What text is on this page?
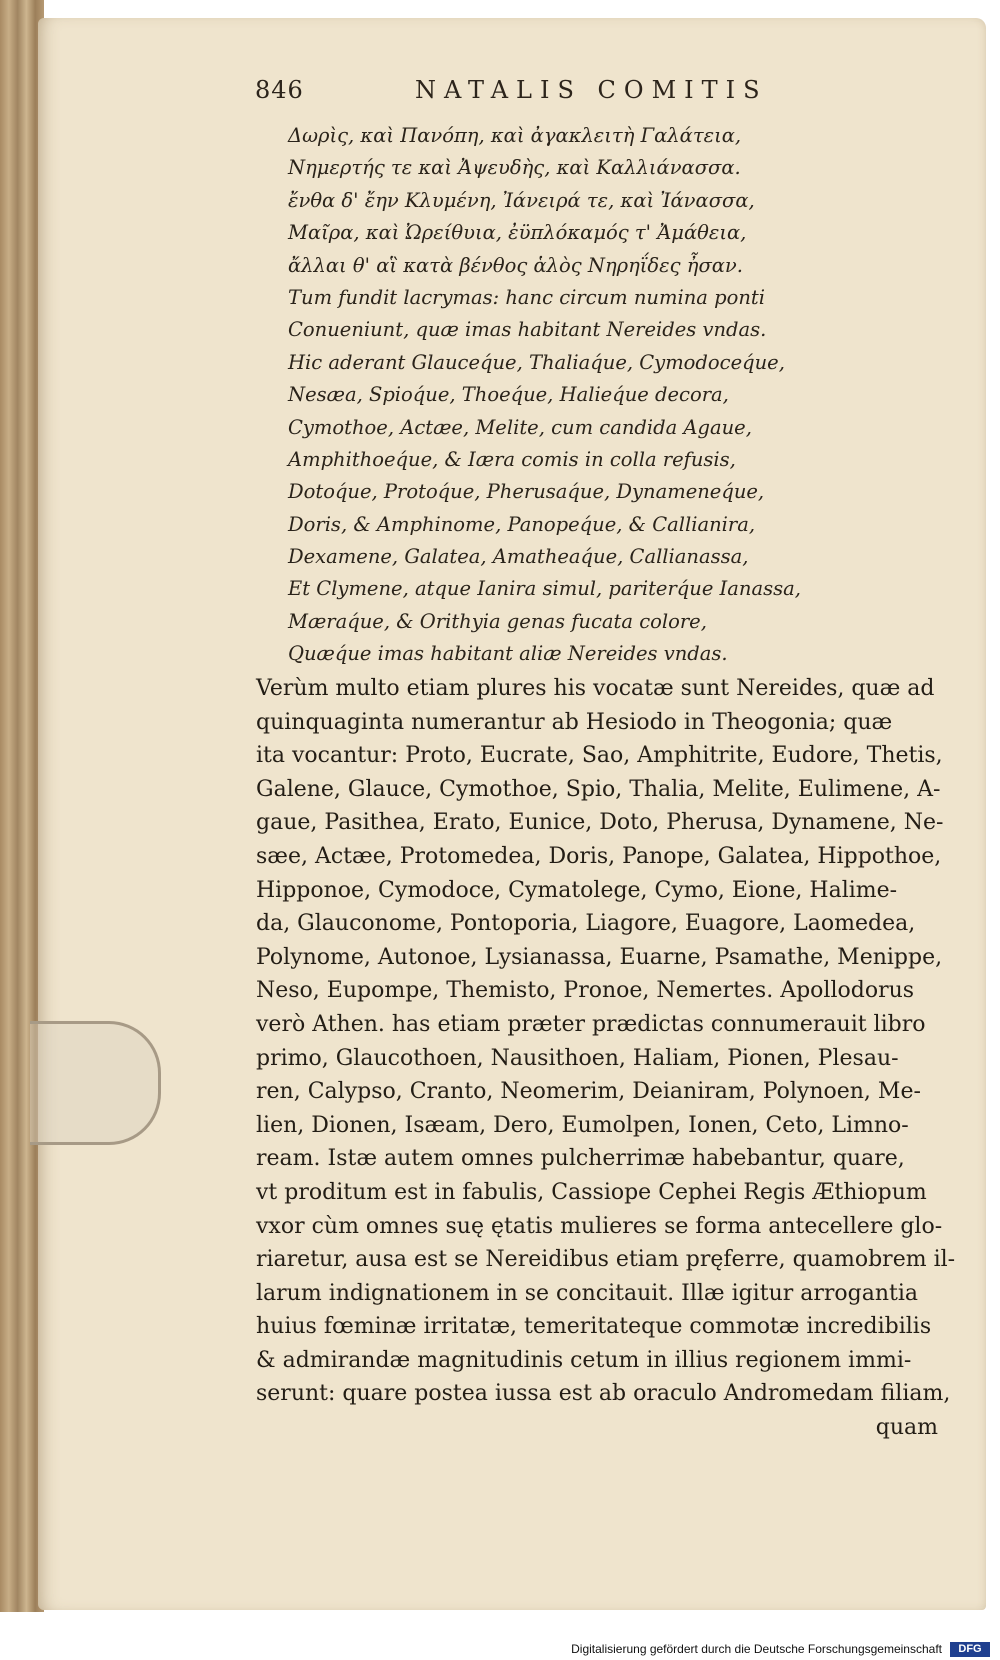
846	NATALIS COMITIS
Δωρὶς, καὶ Πανόπη, καὶ ἀγακλειτὴ Γαλάτεια,
Νημερτής τε καὶ Ἀψευδὴς, καὶ Καλλιάνασσα.
ἔνθα δ' ἔην Κλυμένη, Ἰάνειρά τε, καὶ Ἰάνασσα,
Μαῖρα, καὶ Ὠρείθυια, ἐϋπλόκαμός τ' Ἀμάθεια,
ἄλλαι θ' αἳ κατὰ βένθος ἁλὸς Νηρηΐδες ἦσαν.
Tum fundit lacrymas: hanc circum numina ponti
Conueniunt, quæ imas habitant Nereides vndas.
Hic aderant Glauceq́ue, Thaliaq́ue, Cymodoceq́ue,
Nesæa, Spioq́ue, Thoeq́ue, Halieq́ue decora,
Cymothoe, Actæe, Melite, cum candida Agaue,
Amphithoeq́ue, & Iæra comis in colla refusis,
Dotoq́ue, Protoq́ue, Pherusaq́ue, Dynameneq́ue,
Doris, & Amphinome, Panopeq́ue, & Callianira,
Dexamene, Galatea, Amatheaq́ue, Callianassa,
Et Clymene, atque Ianira simul, pariterq́ue Ianassa,
Mæraq́ue, & Orithyia genas fucata colore,
Quæq́ue imas habitant aliæ Nereides vndas.
Verùm multo etiam plures his vocatæ sunt Nereides, quæ ad
quinquaginta numerantur ab Hesiodo in Theogonia; quæ
ita vocantur: Proto, Eucrate, Sao, Amphitrite, Eudore, Thetis,
Galene, Glauce, Cymothoe, Spio, Thalia, Melite, Eulimene, A-
gaue, Pasithea, Erato, Eunice, Doto, Pherusa, Dynamene, Ne-
sæe, Actæe, Protomedea, Doris, Panope, Galatea, Hippothoe,
Hipponoe, Cymodoce, Cymatolege, Cymo, Eione, Halime-
da, Glauconome, Pontoporia, Liagore, Euagore, Laomedea,
Polynome, Autonoe, Lysianassa, Euarne, Psamathe, Menippe,
Neso, Eupompe, Themisto, Pronoe, Nemertes. Apollodorus
verò Athen. has etiam præter prædictas connumerauit libro
primo, Glaucothoen, Nausithoen, Haliam, Pionen, Plesau-
ren, Calypso, Cranto, Neomerim, Deianiram, Polynoen, Me-
lien, Dionen, Isæam, Dero, Eumolpen, Ionen, Ceto, Limno-
ream. Istæ autem omnes pulcherrimæ habebantur, quare,
vt proditum est in fabulis, Cassiope Cephei Regis Æthiopum
vxor cùm omnes suę ętatis mulieres se forma antecellere glo-
riaretur, ausa est se Nereidibus etiam pręferre, quamobrem il-
larum indignationem in se concitauit. Illæ igitur arrogantia
huius fœminæ irritatæ, temeritateque commotæ incredibilis
& admirandæ magnitudinis cetum in illius regionem immi-
serunt: quare postea iussa est ab oraculo Andromedam filiam,
quam
Digitalisierung gefördert durch die Deutsche Forschungsgemeinschaft	DFG
